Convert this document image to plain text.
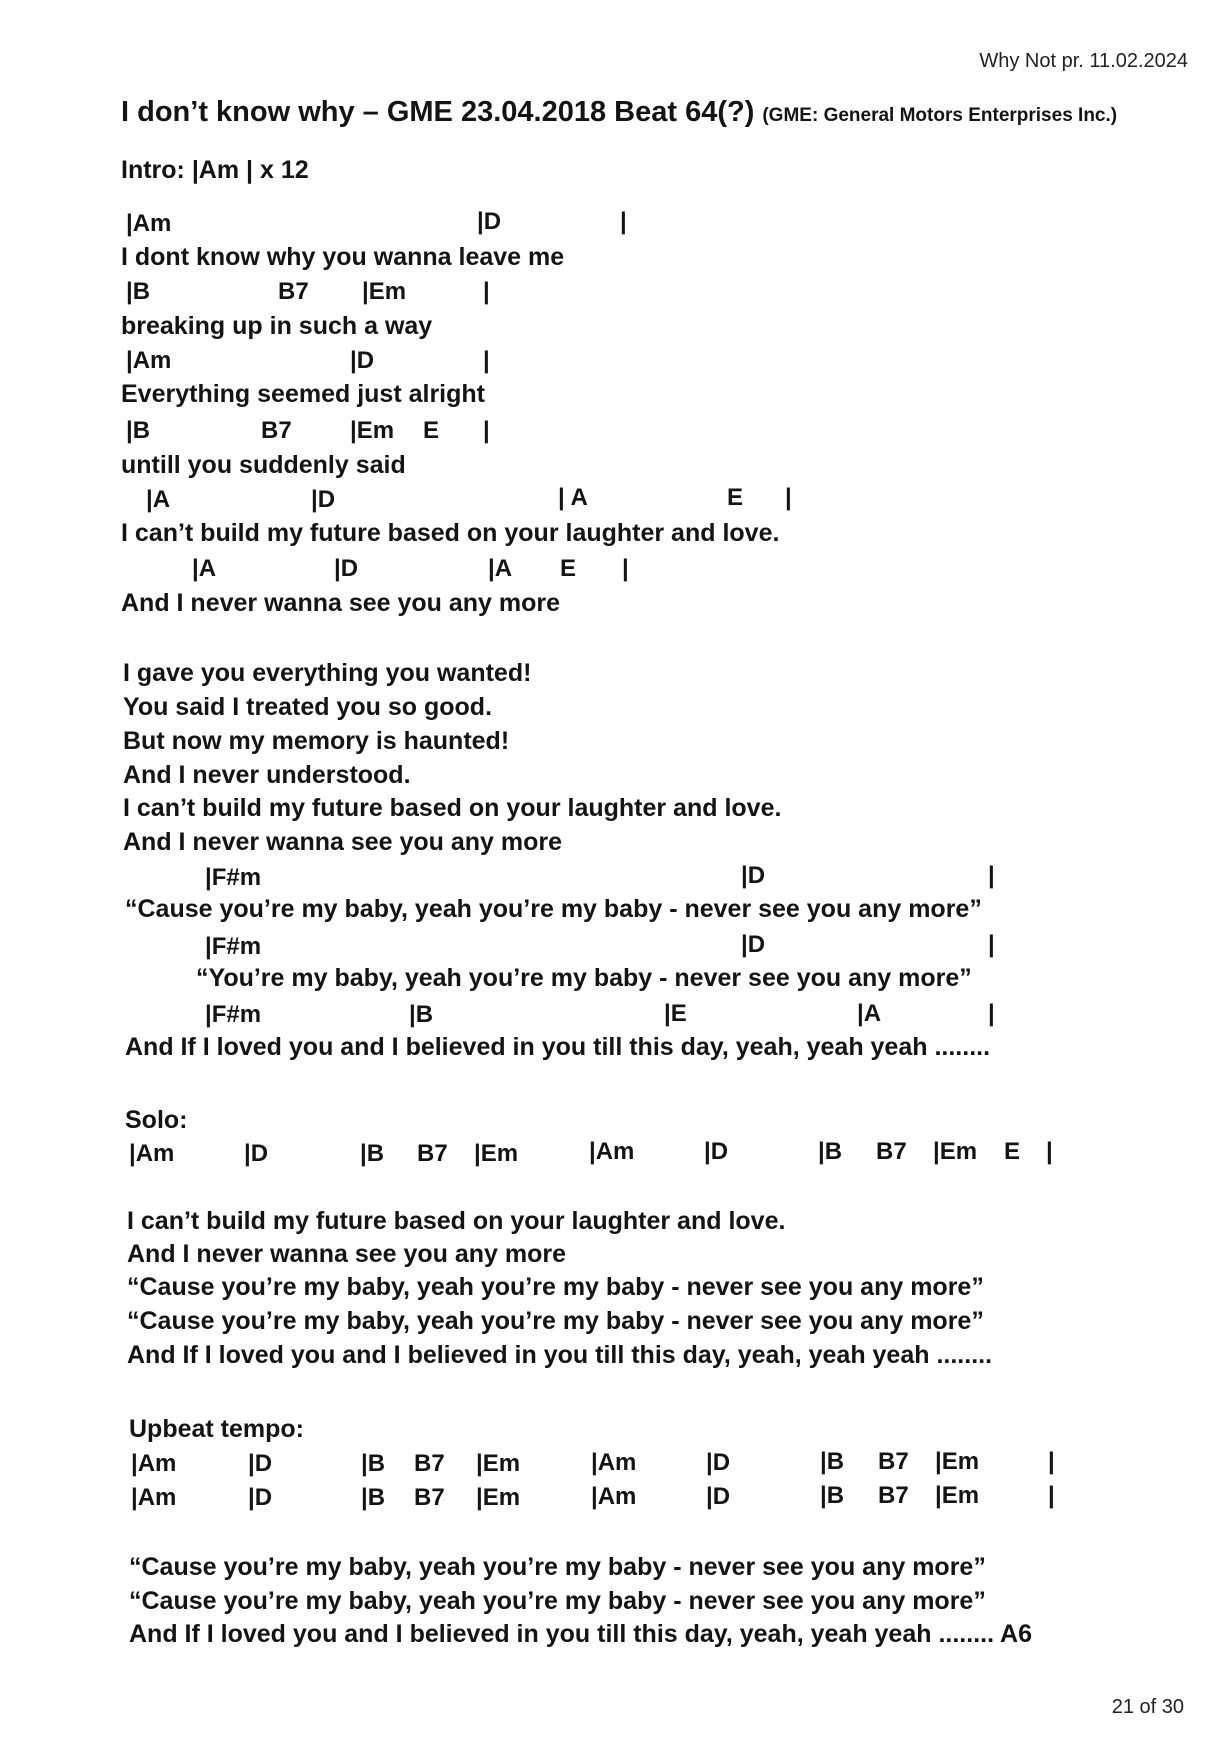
Why Not pr. 11.02.2024
I don’t know why – GME 23.04.2018 Beat 64(?) (GME: General Motors Enterprises Inc.)
Intro: |Am | x 12
|Am	|D	|
I dont know why you wanna leave me
|B	B7 |Em	|
breaking up in such a way
|Am	|D	|
Everything seemed just alright
|B	B7 |Em E |
untill you suddenly said
|A	|D	| A	E |
I can’t build my future based on your laughter and love.
|A	|D	|A E |
And I never wanna see you any more
I gave you everything you wanted!
You said I treated you so good.
But now my memory is haunted!
And I never understood.
I can’t build my future based on your laughter and love.
And I never wanna see you any more
|F#m	|D	|
“Cause you’re my baby, yeah you’re my baby - never see you any more”
|F#m	|D	|
“You’re my baby, yeah you’re my baby - never see you any more”
|F#m	|B	|E	|A	|
And If I loved you and I believed in you till this day, yeah, yeah yeah ........
Solo:
|Am	|D	|B B7 |Em	|Am	|D	|B B7 |Em E |
I can’t build my future based on your laughter and love.
And I never wanna see you any more
“Cause you’re my baby, yeah you’re my baby - never see you any more”
“Cause you’re my baby, yeah you’re my baby - never see you any more”
And If I loved you and I believed in you till this day, yeah, yeah yeah ........
Upbeat tempo:
|Am	|D	|B B7 |Em	|Am	|D	|B B7 |Em	|
|Am	|D	|B B7 |Em	|Am	|D	|B B7 |Em	|
“Cause you’re my baby, yeah you’re my baby - never see you any more”
“Cause you’re my baby, yeah you’re my baby - never see you any more”
And If I loved you and I believed in you till this day, yeah, yeah yeah ........ A6
21 of 30
